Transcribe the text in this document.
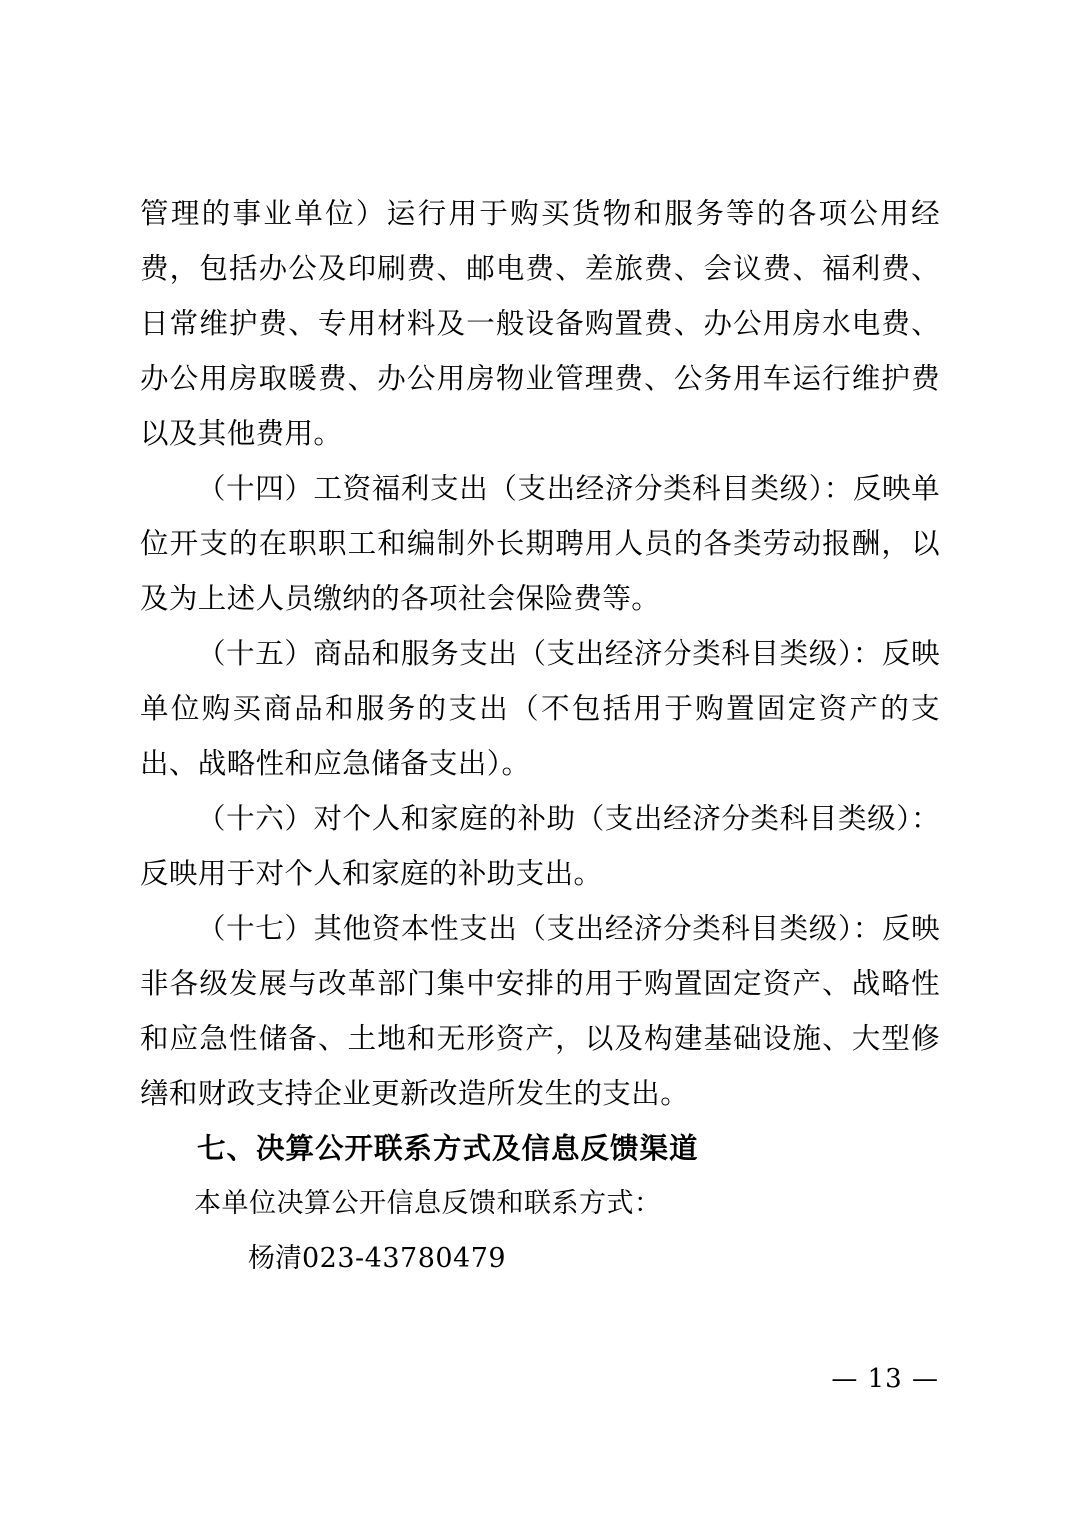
管理的事业单位）运行用于购买货物和服务等的各项公用经费，包括办公及印刷费、邮电费、差旅费、会议费、福利费、日常维护费、专用材料及一般设备购置费、办公用房水电费、办公用房取暖费、办公用房物业管理费、公务用车运行维护费以及其他费用。

（十四）工资福利支出（支出经济分类科目类级）：反映单位开支的在职职工和编制外长期聘用人员的各类劳动报酬，以及为上述人员缴纳的各项社会保险费等。

（十五）商品和服务支出（支出经济分类科目类级）：反映单位购买商品和服务的支出（不包括用于购置固定资产的支出、战略性和应急储备支出）。

（十六）对个人和家庭的补助（支出经济分类科目类级）：反映用于对个人和家庭的补助支出。

（十七）其他资本性支出（支出经济分类科目类级）：反映非各级发展与改革部门集中安排的用于购置固定资产、战略性和应急性储备、土地和无形资产，以及构建基础设施、大型修缮和财政支持企业更新改造所发生的支出。

七、决算公开联系方式及信息反馈渠道

本单位决算公开信息反馈和联系方式：

杨清023-43780479

— 13 —
